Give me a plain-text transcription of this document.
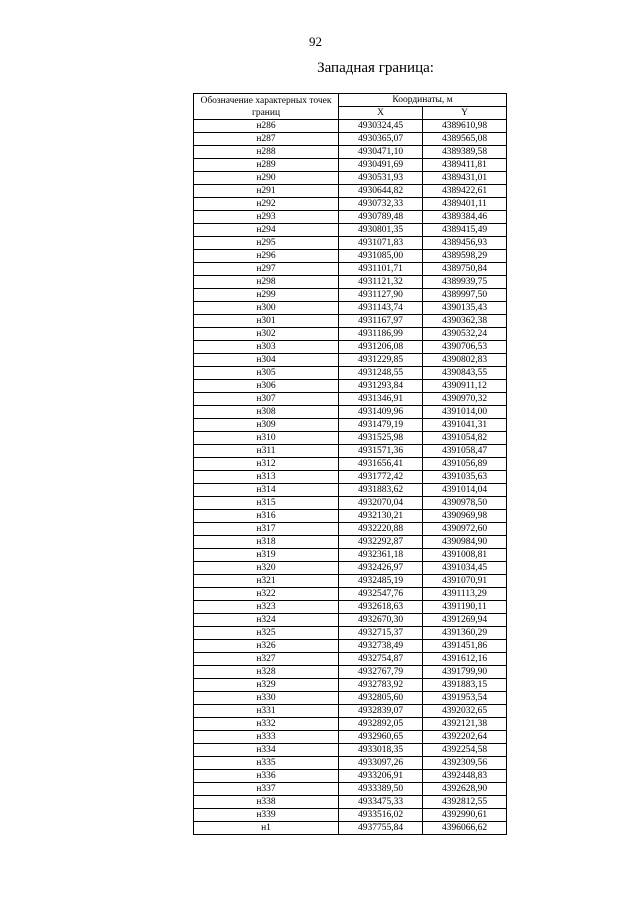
92
Западная граница:
Обозначение характерных точек границ	Координаты, м	
	X	Y
н286	4930324,45	4389610,98
н287	4930365,07	4389565,08
н288	4930471,10	4389389,58
н289	4930491,69	4389411,81
н290	4930531,93	4389431,01
н291	4930644,82	4389422,61
н292	4930732,33	4389401,11
н293	4930789,48	4389384,46
н294	4930801,35	4389415,49
н295	4931071,83	4389456,93
н296	4931085,00	4389598,29
н297	4931101,71	4389750,84
н298	4931121,32	4389939,75
н299	4931127,90	4389997,50
н300	4931143,74	4390135,43
н301	4931167,97	4390362,38
н302	4931186,99	4390532,24
н303	4931206,08	4390706,53
н304	4931229,85	4390802,83
н305	4931248,55	4390843,55
н306	4931293,84	4390911,12
н307	4931346,91	4390970,32
н308	4931409,96	4391014,00
н309	4931479,19	4391041,31
н310	4931525,98	4391054,82
н311	4931571,36	4391058,47
н312	4931656,41	4391056,89
н313	4931772,42	4391035,63
н314	4931883,62	4391014,04
н315	4932070,04	4390978,50
н316	4932130,21	4390969,98
н317	4932220,88	4390972,60
н318	4932292,87	4390984,90
н319	4932361,18	4391008,81
н320	4932426,97	4391034,45
н321	4932485,19	4391070,91
н322	4932547,76	4391113,29
н323	4932618,63	4391190,11
н324	4932670,30	4391269,94
н325	4932715,37	4391360,29
н326	4932738,49	4391451,86
н327	4932754,87	4391612,16
н328	4932767,79	4391799,90
н329	4932783,92	4391883,15
н330	4932805,60	4391953,54
н331	4932839,07	4392032,65
н332	4932892,05	4392121,38
н333	4932960,65	4392202,64
н334	4933018,35	4392254,58
н335	4933097,26	4392309,56
н336	4933206,91	4392448,83
н337	4933389,50	4392628,90
н338	4933475,33	4392812,55
н339	4933516,02	4392990,61
н1	4937755,84	4396066,62
